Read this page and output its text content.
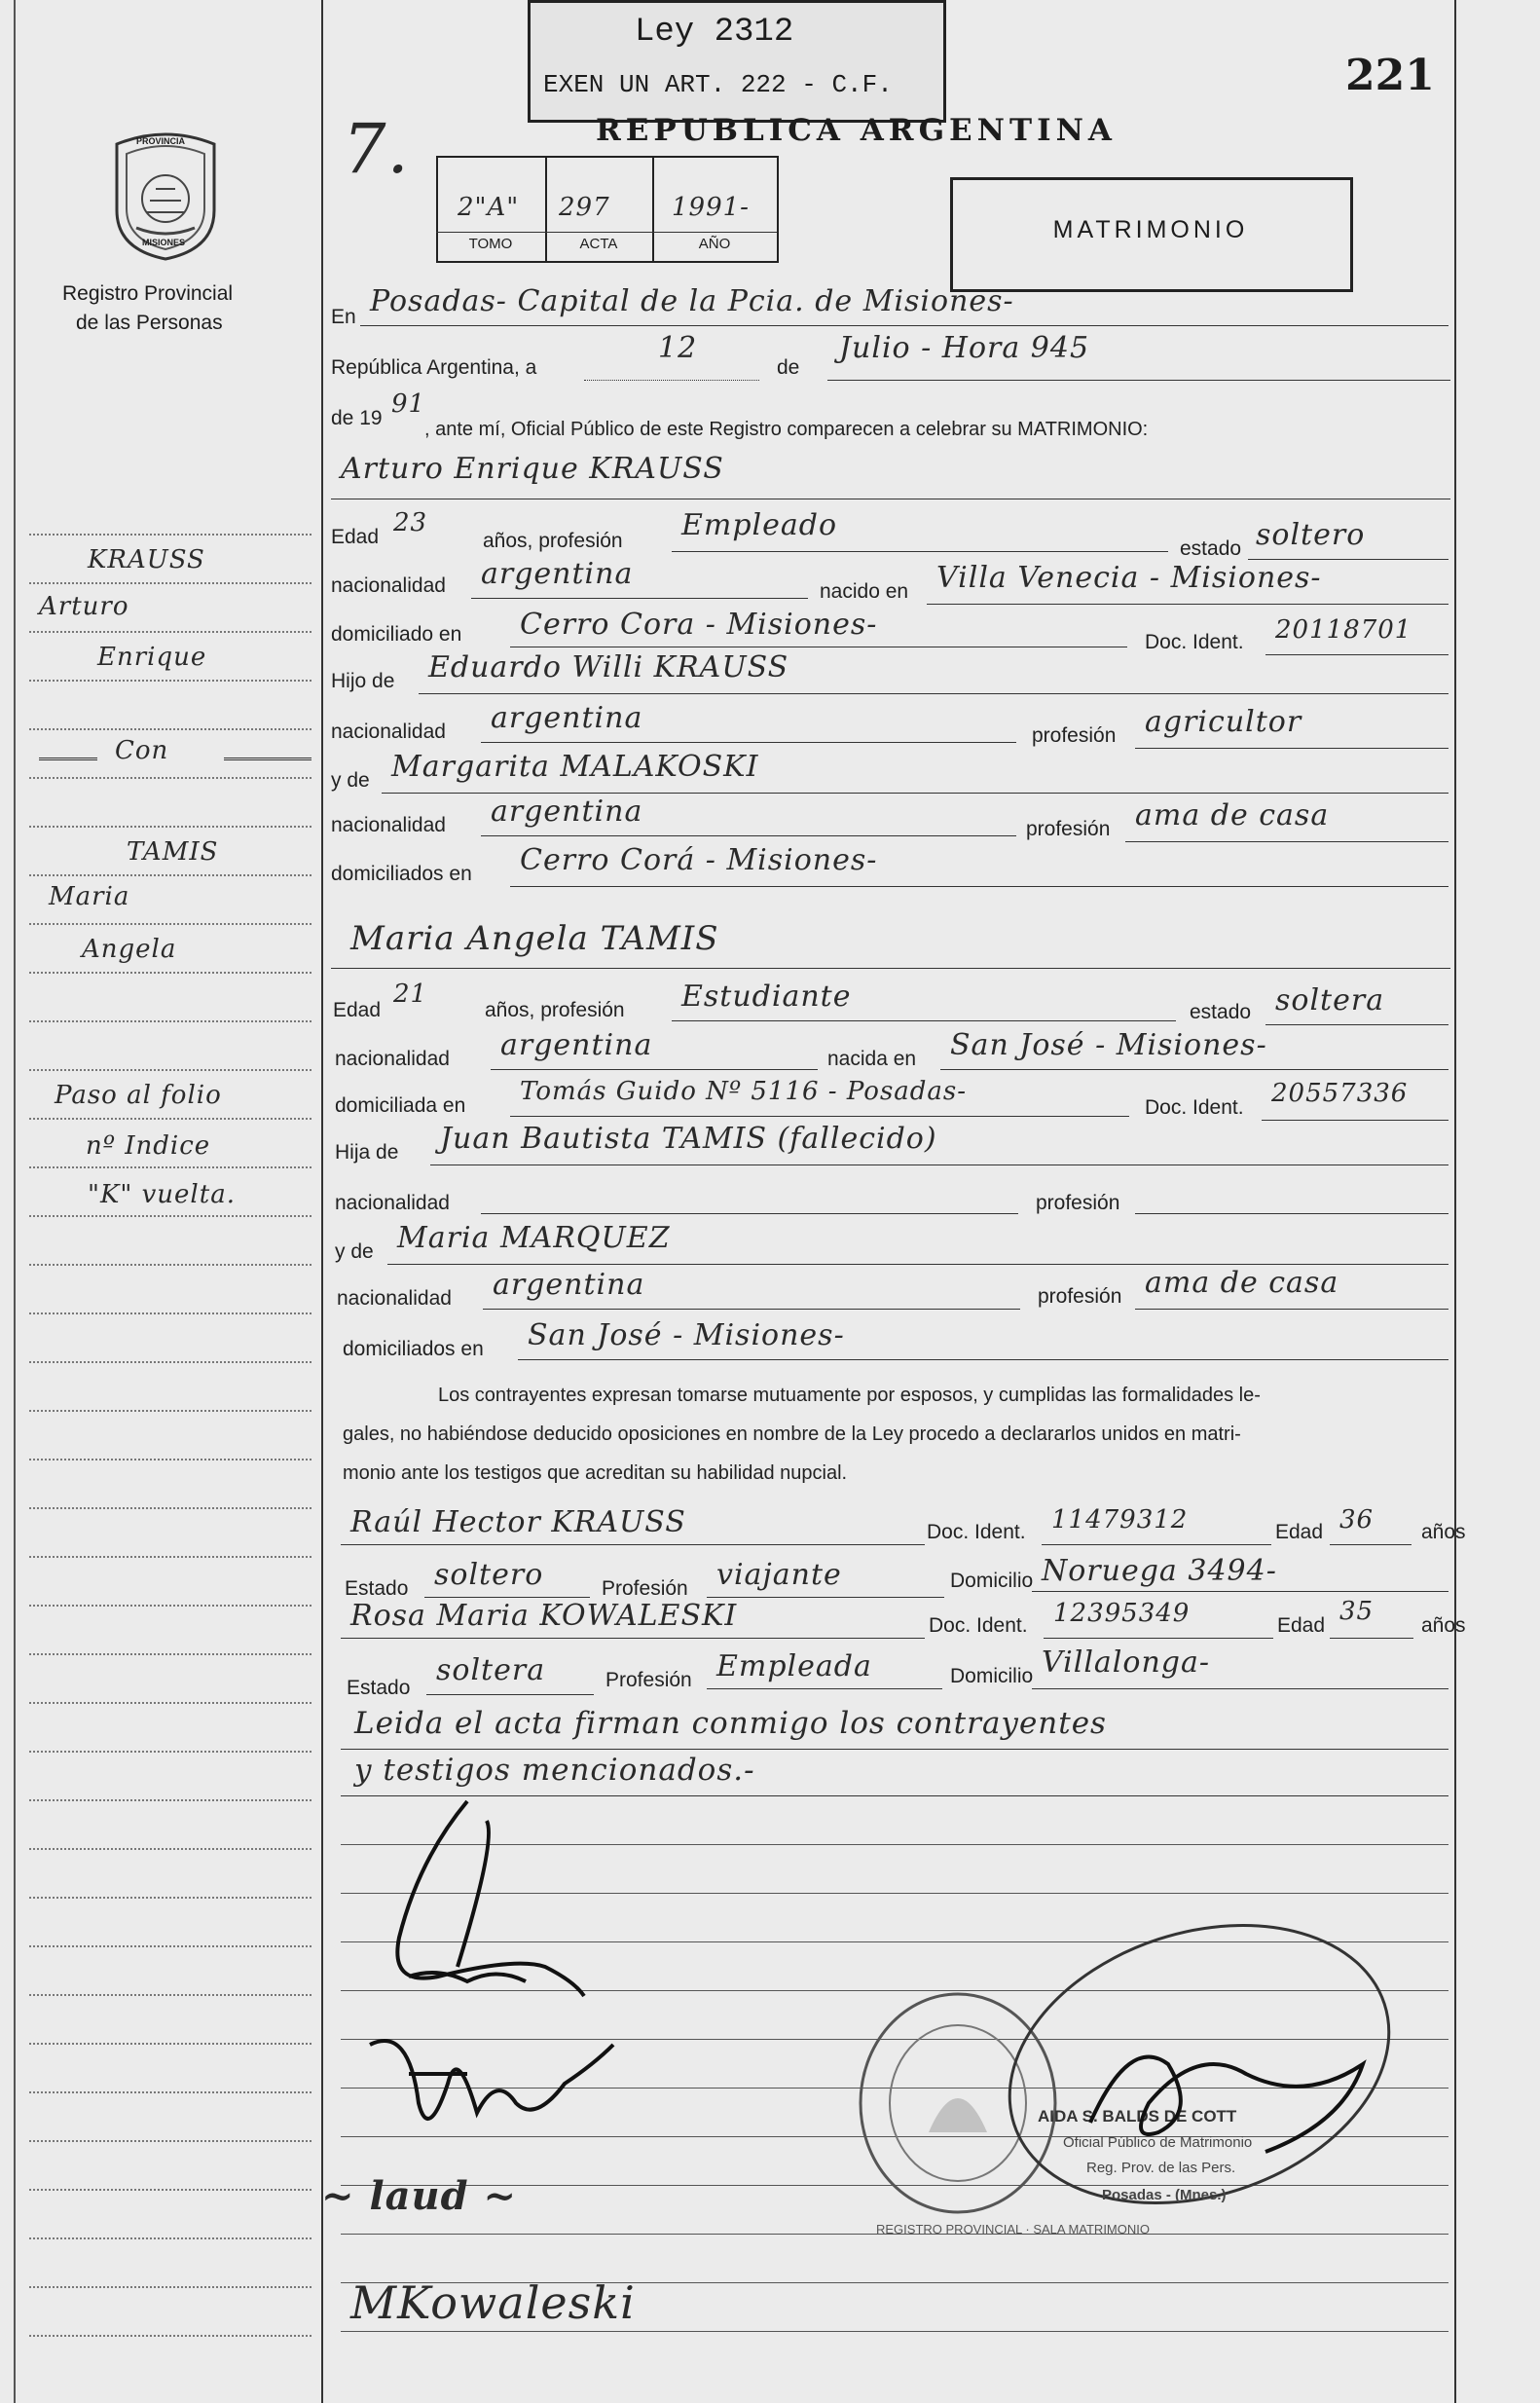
Ley 2312
EXEN UN ART. 222 - C.F.	221
REPUBLICA ARGENTINA
7.
PROVINCIA
MISIONES
Registro Provincial
de las Personas
2"A" 297 1991-
TOMO	ACTA	AÑO
MATRIMONIO
En Posadas- Capital de la Pcia. de Misiones-
República Argentina, a
12
de
Julio - Hora 945
de 19 91
, ante mí, Oficial Público de este Registro comparecen a celebrar su MATRIMONIO:
Arturo Enrique KRAUSS
Edad 23
años, profesión Empleado
estado soltero
nacionalidad argentina
nacido en Villa Venecia - Misiones-
domiciliado en Cerro Cora - Misiones-
Doc. Ident. 20118701
Hijo de Eduardo Willi KRAUSS
nacionalidad argentina
profesión agricultor
y de Margarita MALAKOSKI
nacionalidad argentina
profesión ama de casa
domiciliados en Cerro Corá - Misiones-
Maria Angela TAMIS
Edad
21
años, profesión Estudiante	estado soltera
nacionalidad argentina	nacida en San José - Misiones-
domiciliada en Tomás Guido Nº 5116 - Posadas-
Doc. Ident. 20557336
Hija de Juan Bautista TAMIS (fallecido)
nacionalidad	profesión
y de Maria MARQUEZ
nacionalidad argentina	profesión ama de casa
domiciliados en San José - Misiones-
Los contrayentes expresan tomarse mutuamente por esposos, y cumplidas las formalidades le-
gales, no habiéndose deducido oposiciones en nombre de la Ley procedo a declararlos unidos en matri-
monio ante los testigos que acreditan su habilidad nupcial.
Raúl Hector KRAUSS	Doc. Ident. 11479312	Edad 36 años
Estado soltero	Profesión viajante	Domicilio Noruega 3494-
Rosa Maria KOWALESKI	Doc. Ident. 12395349	Edad 35 años
Estado
soltera	Profesión Empleada	Domicilio Villalonga-
Leida el acta firman conmigo los contrayentes
y testigos mencionados.-
KRAUSS
Arturo
Enrique
Con
TAMIS
Maria
Angela
Paso al folio
nº Indice
"K" vuelta.
REGISTRO PROVINCIAL · SALA MATRIMONIO
AIDA S. BALDS DE COTT
Oficial Público de Matrimonio
Reg. Prov. de las Pers.
Posadas - (Mnes.)
~ laud ~
MKowaleski
